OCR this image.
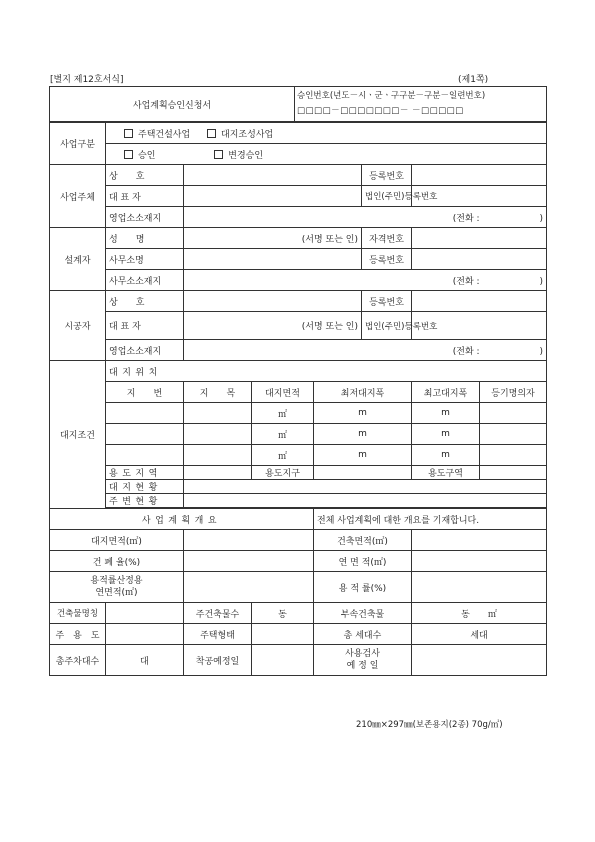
[별지 제12호서식]	(제1쪽)
사업계획승인신청서	
승인번호(년도－시ㆍ군ㆍ구구분－구분－일련번호)
□□□□－□□□□□□□－ －□□□□□
사업구분	주택건설사업 대지조성사업						
	승인 변경승인						
사업주체	상　　호				등록번호		
	대 표 자				법인(주민)등록번호		
	영업소소재지	(전화 : )					
설계자	성　　명	(서명 또는 인)			자격번호		
	사무소명				등록번호		
	사무소소재지	(전화 : )					
시공자	상　　호				등록번호		
	대 표 자	(서명 또는 인)			법인(주민)등록번호		
	영업소소재지	(전화 : )					
대지조건	대지위치						
	지　　번	지　　목	대지면적	최저대지폭		최고대지폭	등기명의자
			㎡	m		m	
			㎡	m		m	
			㎡	m		m	
	용도지역		용도지구			용도구역	
	대지현황						
	주변현황						

사업계획개요				전체 사업계획에 대한 개요를 기재합니다.			
대지면적(㎡)				건축면적(㎡)			
건 폐 율(%)				연 면 적(㎡)			
용적률산정용
연면적(㎡)				용 적 률(%)			
건축물명칭		주건축물수	동	부속건축물		동　　㎡	
주　용　도		주택형태		총 세대수		세대	
총주차대수	대	착공예정일		사용검사
예 정 일			
210㎜×297㎜(보존용지(2종) 70g/㎡)
